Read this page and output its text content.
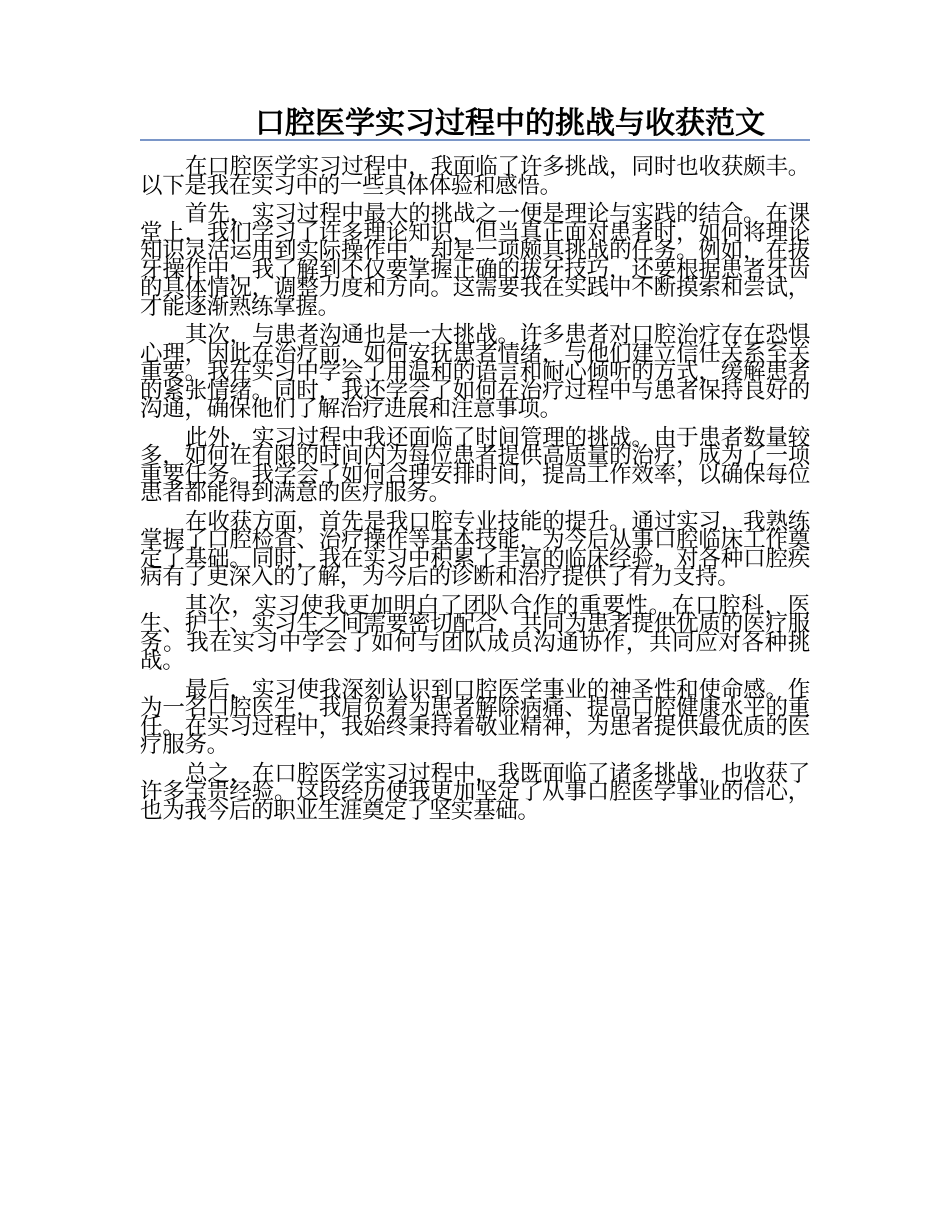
口腔医学实习过程中的挑战与收获范文

在口腔医学实习过程中，我面临了许多挑战，同时也收获颇丰。以下是我在实习中的一些具体体验和感悟。

首先，实习过程中最大的挑战之一便是理论与实践的结合。在课堂上，我们学习了许多理论知识，但当真正面对患者时，如何将理论知识灵活运用到实际操作中，却是一项颇具挑战的任务。例如，在拔牙操作中，我了解到不仅要掌握正确的拔牙技巧，还要根据患者牙齿的具体情况，调整力度和方向。这需要我在实践中不断摸索和尝试，才能逐渐熟练掌握。

其次，与患者沟通也是一大挑战。许多患者对口腔治疗存在恐惧心理，因此在治疗前，如何安抚患者情绪，与他们建立信任关系至关重要。我在实习中学会了用温和的语言和耐心倾听的方式，缓解患者的紧张情绪。同时，我还学会了如何在治疗过程中与患者保持良好的沟通，确保他们了解治疗进展和注意事项。

此外，实习过程中我还面临了时间管理的挑战。由于患者数量较多，如何在有限的时间内为每位患者提供高质量的治疗，成为了一项重要任务。我学会了如何合理安排时间，提高工作效率，以确保每位患者都能得到满意的医疗服务。

在收获方面，首先是我口腔专业技能的提升。通过实习，我熟练掌握了口腔检查、治疗操作等基本技能，为今后从事口腔临床工作奠定了基础。同时，我在实习中积累了丰富的临床经验，对各种口腔疾病有了更深入的了解，为今后的诊断和治疗提供了有力支持。

其次，实习使我更加明白了团队合作的重要性。在口腔科，医生、护士、实习生之间需要密切配合，共同为患者提供优质的医疗服务。我在实习中学会了如何与团队成员沟通协作，共同应对各种挑战。

最后，实习使我深刻认识到口腔医学事业的神圣性和使命感。作为一名口腔医生，我肩负着为患者解除病痛、提高口腔健康水平的重任。在实习过程中，我始终秉持着敬业精神，为患者提供最优质的医疗服务。

总之，在口腔医学实习过程中，我既面临了诸多挑战，也收获了许多宝贵经验。这段经历使我更加坚定了从事口腔医学事业的信心，也为我今后的职业生涯奠定了坚实基础。
